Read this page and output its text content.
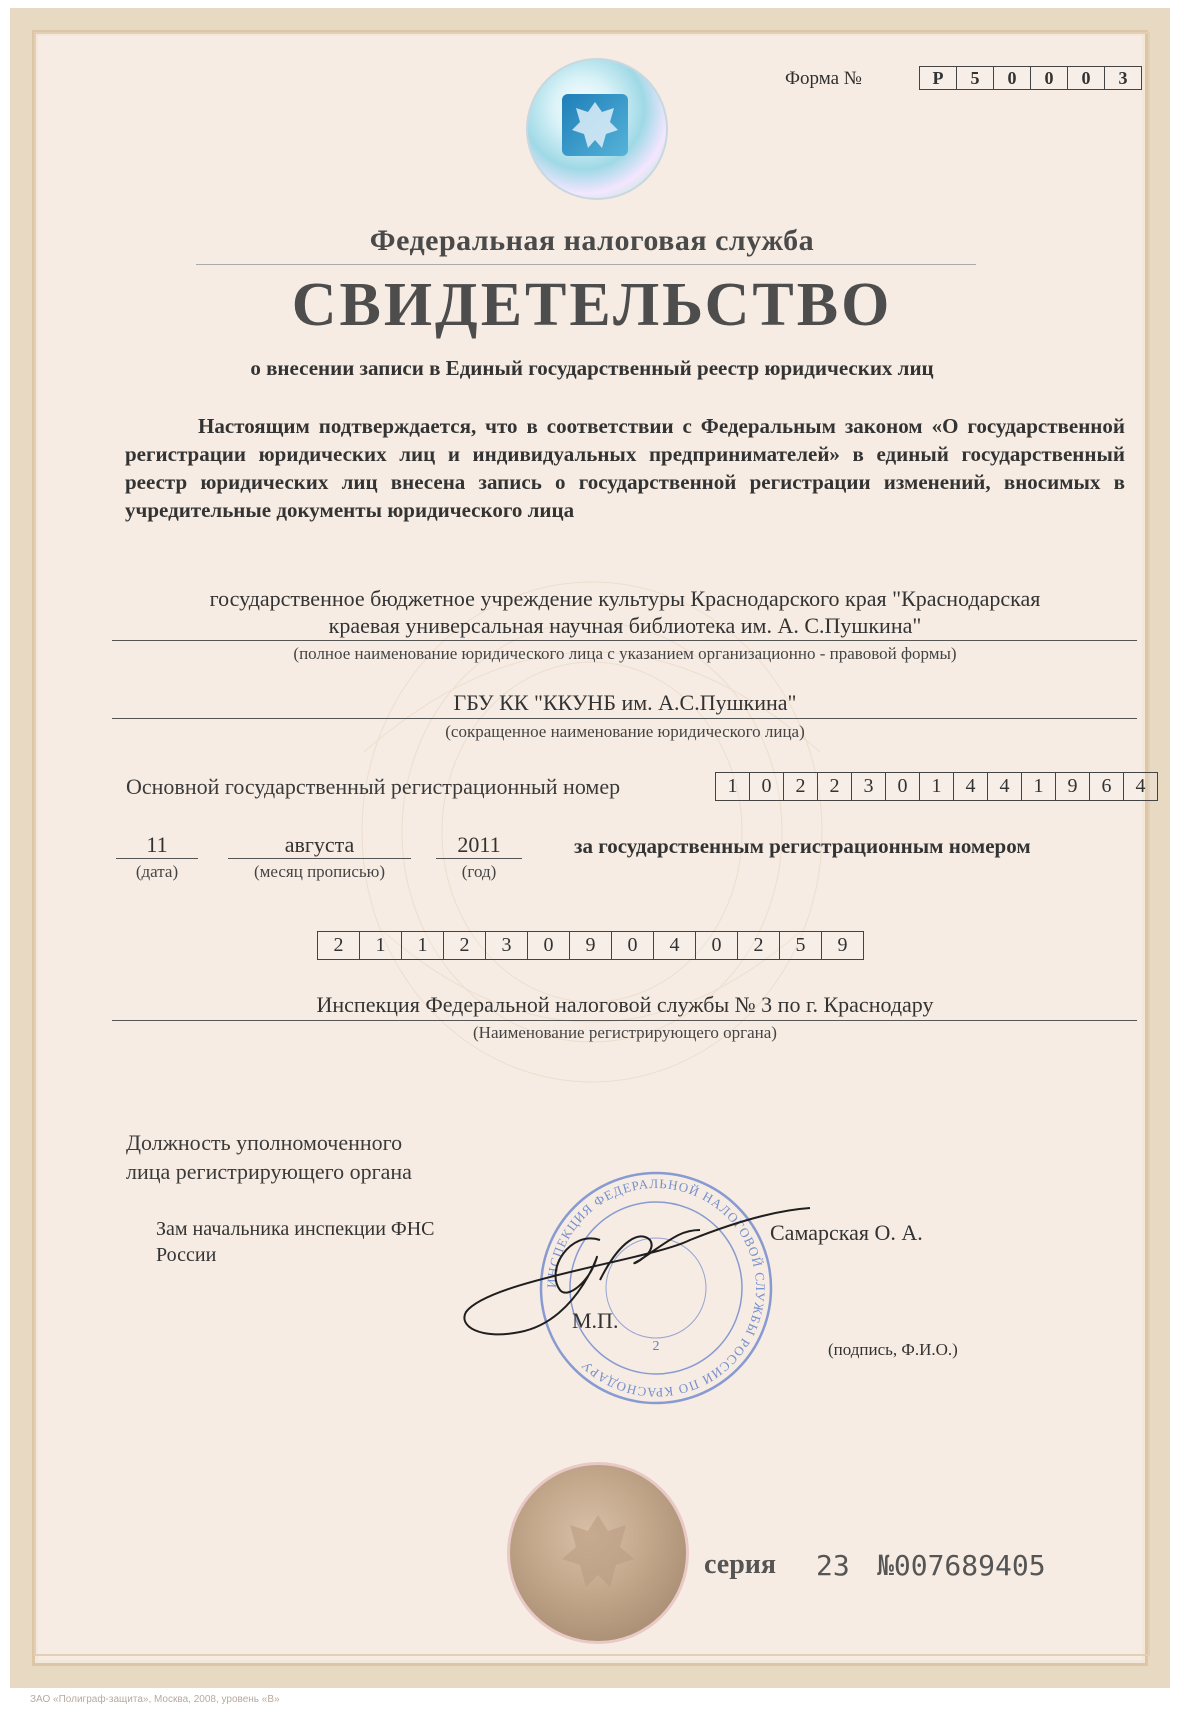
Форма №	Р	5	0	0	0	3
Федеральная налоговая служба
СВИДЕТЕЛЬСТВО
о внесении записи в Единый государственный реестр юридических лиц
Настоящим подтверждается, что в соответствии с Федеральным законом «О государственной регистрации юридических лиц и индивидуальных предпринимателей» в единый государственный реестр юридических лиц внесена запись о государственной регистрации изменений, вносимых в учредительные документы юридического лица
государственное бюджетное учреждение культуры Краснодарского края "Краснодарская
краевая универсальная научная библиотека им. А. С.Пушкина"
(полное наименование юридического лица с указанием организационно - правовой формы)
ГБУ КК "ККУНБ им. А.С.Пушкина"
(сокращенное наименование юридического лица)
Основной государственный регистрационный номер	1	0	2	2	3	0	1	4	4	1	9	6	4
11
(дата)
августа
(месяц прописью)
2011
(год)
за государственным регистрационным номером
2	1	1	2	3	0	9	0	4	0	2	5	9
Инспекция Федеральной налоговой службы № 3 по г. Краснодару
(Наименование регистрирующего органа)
Должность уполномоченного
лица регистрирующего органа
Зам начальника инспекции ФНС
России
ИНСПЕКЦИЯ ФЕДЕРАЛЬНОЙ НАЛОГОВОЙ СЛУЖБЫ РОССИИ ПО КРАСНОДАРУ
2
Самарская О. А.
М.П.
(подпись, Ф.И.О.)
серия 23 №007689405
ЗАО «Полиграф-защита», Москва, 2008, уровень «В»
